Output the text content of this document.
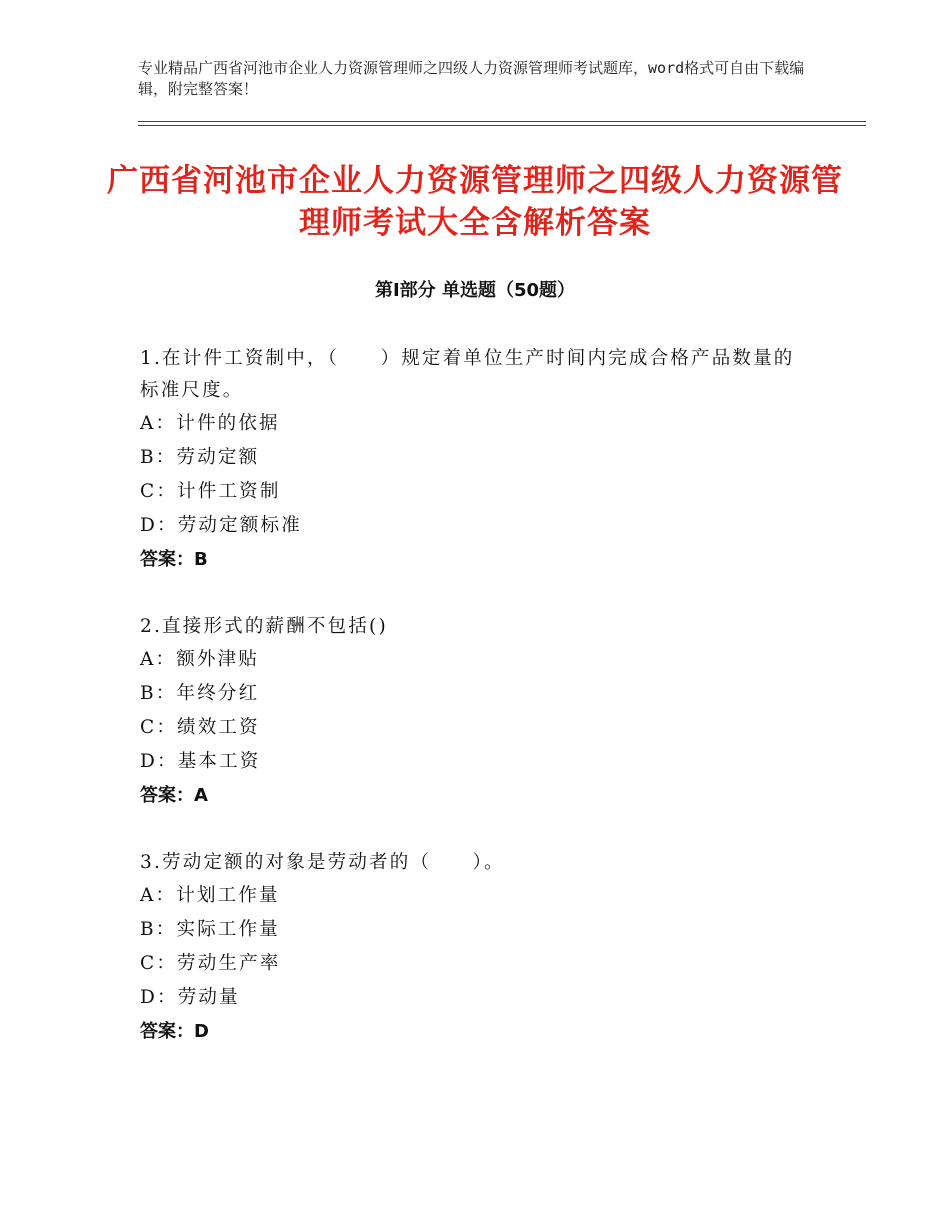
专业精品广西省河池市企业人力资源管理师之四级人力资源管理师考试题库，word格式可自由下载编辑，附完整答案！
广西省河池市企业人力资源管理师之四级人力资源管理师考试大全含解析答案
第Ⅰ部分 单选题（50题）
1.在计件工资制中，（　　）规定着单位生产时间内完成合格产品数量的标准尺度。
A：计件的依据
B：劳动定额
C：计件工资制
D：劳动定额标准
答案：B
2.直接形式的薪酬不包括()
A：额外津贴
B：年终分红
C：绩效工资
D：基本工资
答案：A
3.劳动定额的对象是劳动者的（　　）。
A：计划工作量
B：实际工作量
C：劳动生产率
D：劳动量
答案：D
